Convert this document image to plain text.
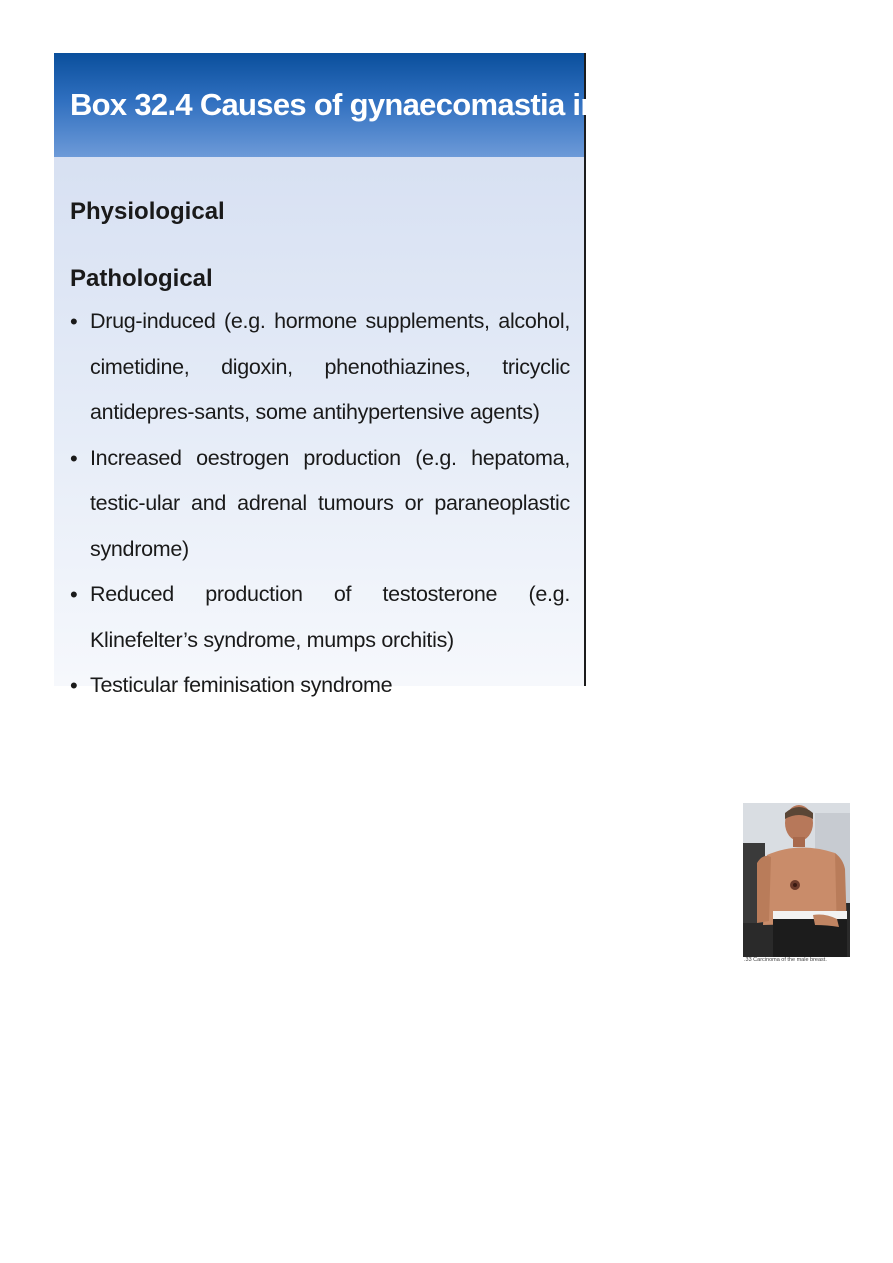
Box 32.4 Causes of gynaecomastia in males
Physiological
Pathological
• Drug-induced (e.g. hormone supplements, alcohol, cimetidine, digoxin, phenothiazines, tricyclic antidepres-sants, some antihypertensive agents)
• Increased oestrogen production (e.g. hepatoma, testic-ular and adrenal tumours or paraneoplastic syndrome)
• Reduced production of testosterone (e.g. Klinefelter’s syndrome, mumps orchitis)
• Testicular feminisation syndrome
.33 Carcinoma of the male breast.
